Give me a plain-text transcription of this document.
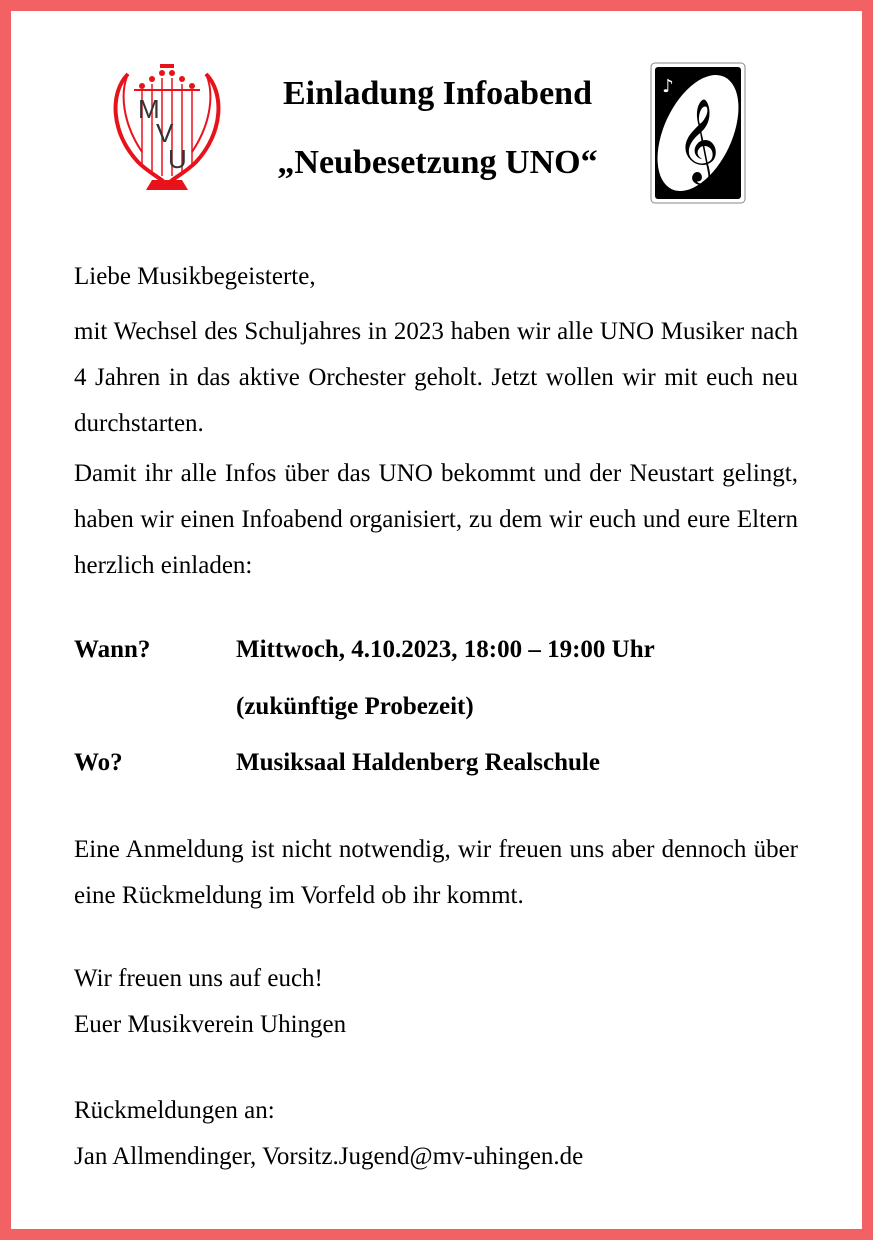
M
V
U	𝄞
♪
♪
Einladung Infoabend
„Neubesetzung UNO“
Liebe Musikbegeisterte,
mit Wechsel des Schuljahres in 2023 haben wir alle UNO Musiker nach 4 Jahren in das aktive Orchester geholt. Jetzt wollen wir mit euch neu durchstarten.
Damit ihr alle Infos über das UNO bekommt und der Neustart gelingt, haben wir einen Infoabend organisiert, zu dem wir euch und eure Eltern herzlich einladen:
Wann?	Mittwoch, 4.10.2023, 18:00 – 19:00 Uhr
(zukünftige Probezeit)
Wo?	Musiksaal Haldenberg Realschule
Eine Anmeldung ist nicht notwendig, wir freuen uns aber dennoch über eine Rückmeldung im Vorfeld ob ihr kommt.
Wir freuen uns auf euch!
Euer Musikverein Uhingen
Rückmeldungen an:
Jan Allmendinger, Vorsitz.Jugend@mv-uhingen.de
